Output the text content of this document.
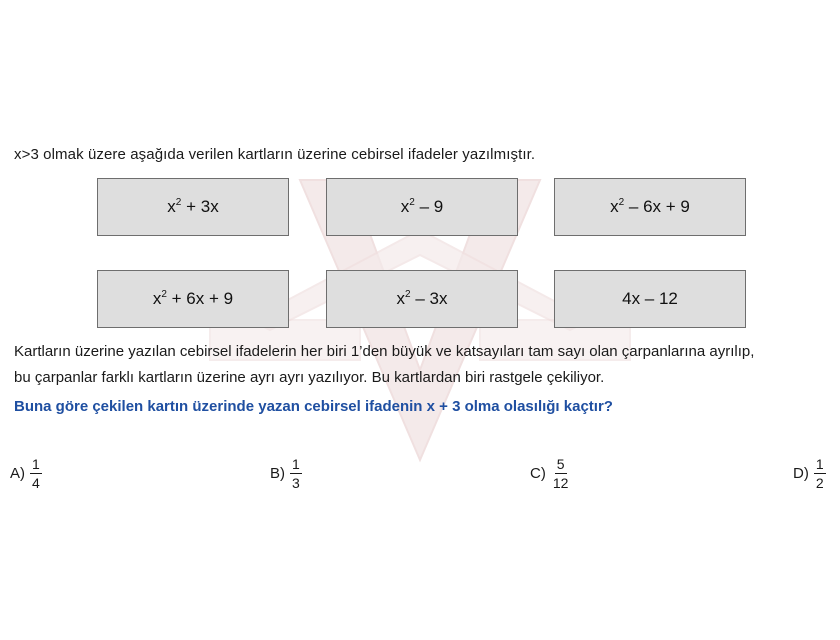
x>3 olmak üzere aşağıda verilen kartların üzerine cebirsel ifadeler yazılmıştır.
$x^2 + 3x$	$x^2 - 9$	$x^2 - 6x + 9$
$x^2 + 6x + 9$	$x^2 - 3x$	4x – 12
Kartların üzerine yazılan cebirsel ifadelerin her biri 1’den büyük ve katsayıları tam sayı olan çarpanlarına ayrılıp,
bu çarpanlar farklı kartların üzerine ayrı ayrı yazılıyor. Bu kartlardan biri rastgele çekiliyor.
Buna göre çekilen kartın üzerinde yazan cebirsel ifadenin x + 3 olma olasılığı kaçtır?
$A) \frac{1}{4}$	$B) \frac{1}{3}$	$C) \frac{5}{12}$	$D) \frac{1}{2}$
